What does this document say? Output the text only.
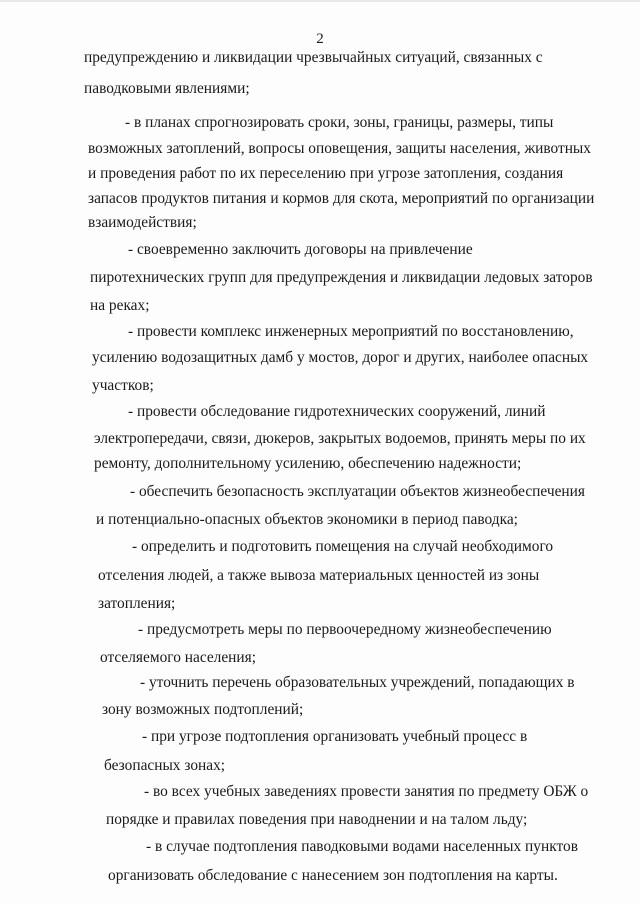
2
предупреждению и ликвидации чрезвычайных ситуаций, связанных с
паводковыми явлениями;
- в планах спрогнозировать сроки, зоны, границы, размеры, типы
возможных затоплений, вопросы оповещения, защиты населения, животных
и проведения работ по их переселению при угрозе затопления, создания
запасов продуктов питания и кормов для скота, мероприятий по организации
взаимодействия;
- своевременно заключить договоры на привлечение
пиротехнических групп для предупреждения и ликвидации ледовых заторов
на реках;
- провести комплекс инженерных мероприятий по восстановлению,
усилению водозащитных дамб у мостов, дорог и других, наиболее опасных
участков;
- провести обследование гидротехнических сооружений, линий
электропередачи, связи, дюкеров, закрытых водоемов, принять меры по их
ремонту, дополнительному усилению, обеспечению надежности;
- обеспечить безопасность эксплуатации объектов жизнеобеспечения
и потенциально-опасных объектов экономики в период паводка;
- определить и подготовить помещения на случай необходимого
отселения людей, а также вывоза материальных ценностей из зоны
затопления;
- предусмотреть меры по первоочередному жизнеобеспечению
отселяемого населения;
- уточнить перечень образовательных учреждений, попадающих в
зону возможных подтоплений;
- при угрозе подтопления организовать учебный процесс в
безопасных зонах;
- во всех учебных заведениях провести занятия по предмету ОБЖ о
порядке и правилах поведения при наводнении и на талом льду;
- в случае подтопления паводковыми водами населенных пунктов
организовать обследование с нанесением зон подтопления на карты.
